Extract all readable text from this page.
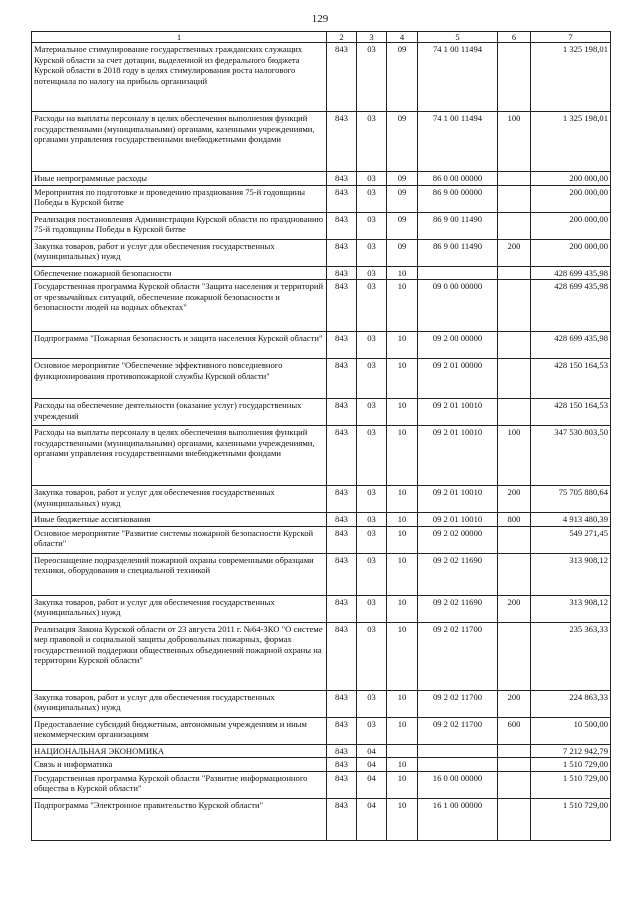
129
1	2	3	4	5	6	7
Материальное стимулирование государственных гражданских служащих Курской области за счет дотации, выделенной из федерального бюджета Курской области в 2018 году в целях стимулирования роста налогового потенциала по налогу на прибыль организаций	843	03	09	74 1 00 11494		1 325 198,01
Расходы на выплаты персоналу в целях обеспечения выполнения функций государственными (муниципальными) органами, казенными учреждениями, органами управления государственными внебюджетными фондами	843	03	09	74 1 00 11494	100	1 325 198,01
Иные непрограммные расходы	843	03	09	86 0 00 00000		200 000,00
Мероприятия по подготовке и проведению празднования 75-й годовщины Победы в Курской битве	843	03	09	86 9 00 00000		200 000,00
Реализация постановления Администрации Курской области по празднованию 75-й годовщины Победы в Курской битве	843	03	09	86 9 00 11490		200 000,00
Закупка товаров, работ и услуг для обеспечения государственных (муниципальных) нужд	843	03	09	86 9 00 11490	200	200 000,00
Обеспечение пожарной безопасности	843	03	10			428 699 435,98
Государственная программа Курской области "Защита населения и территорий от чрезвычайных ситуаций, обеспечение пожарной безопасности и безопасности людей на водных объектах"	843	03	10	09 0 00 00000		428 699 435,98
Подпрограмма "Пожарная безопасность и защита населения Курской области"	843	03	10	09 2 00 00000		428 699 435,98
Основное мероприятие "Обеспечение эффективного повседневного функционирования противопожарной службы Курской области"	843	03	10	09 2 01 00000		428 150 164,53
Расходы на обеспечение деятельности (оказание услуг) государственных учреждений	843	03	10	09 2 01 10010		428 150 164,53
Расходы на выплаты персоналу в целях обеспечения выполнения функций государственными (муниципальными) органами, казенными учреждениями, органами управления государственными внебюджетными фондами	843	03	10	09 2 01 10010	100	347 530 803,50
Закупка товаров, работ и услуг для обеспечения государственных (муниципальных) нужд	843	03	10	09 2 01 10010	200	75 705 880,64
Иные бюджетные ассигнования	843	03	10	09 2 01 10010	800	4 913 480,39
Основное мероприятие "Развитие системы пожарной безопасности Курской области"	843	03	10	09 2 02 00000		549 271,45
Переоснащение подразделений пожарной охраны современными образцами техники, оборудования и специальной техникой	843	03	10	09 2 02 11690		313 908,12
Закупка товаров, работ и услуг для обеспечения государственных (муниципальных) нужд	843	03	10	09 2 02 11690	200	313 908,12
Реализация Закона Курской области от 23 августа 2011 г. №64-ЗКО "О системе мер правовой и социальной защиты добровольных пожарных, формах государственной поддержки общественных объединений пожарной охраны на территории Курской области"	843	03	10	09 2 02 11700		235 363,33
Закупка товаров, работ и услуг для обеспечения государственных (муниципальных) нужд	843	03	10	09 2 02 11700	200	224 863,33
Предоставление субсидий бюджетным, автономным учреждениям и иным некоммерческим организациям	843	03	10	09 2 02 11700	600	10 500,00
НАЦИОНАЛЬНАЯ ЭКОНОМИКА	843	04				7 212 942,79
Связь и информатика	843	04	10			1 510 729,00
Государственная программа Курской области "Развитие информационного общества в Курской области"	843	04	10	16 0 00 00000		1 510 729,00
Подпрограмма "Электронное правительство Курской области"	843	04	10	16 1 00 00000		1 510 729,00
